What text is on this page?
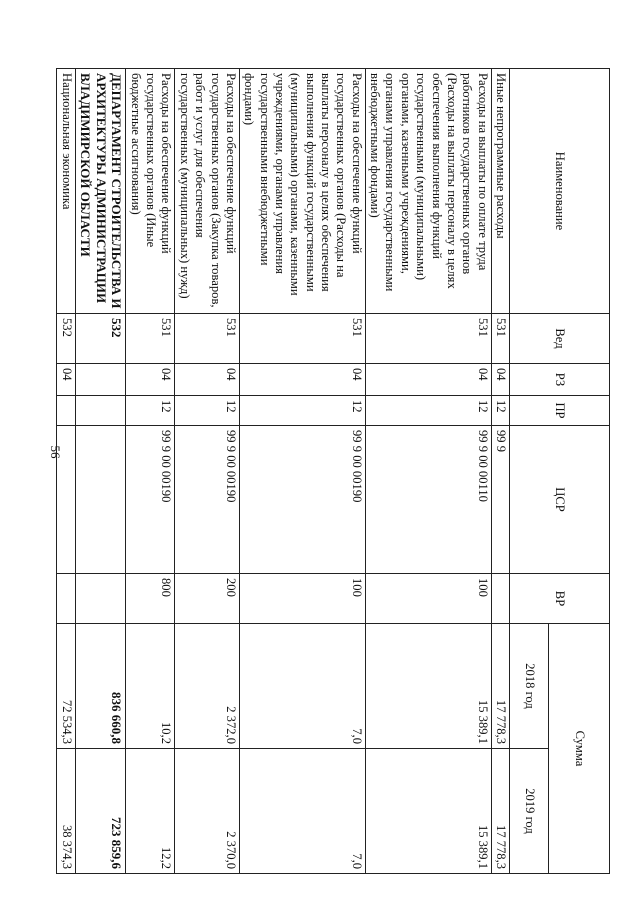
56
Наименование	Вед	РЗ	ПР	ЦСР	ВР	Сумма	
						2018 год	2019 год
Иные непрограммные расходы	531	04	12	99 9		17 778,3	17 778,3
Расходы на выплаты по оплате труда работников государственных органов (Расходы на выплаты персоналу в целях обеспечения выполнения функций государственными (муниципальными) органами, казенными учреждениями, органами управления государственными внебюджетными фондами)	531	04	12	99 9 00 00110	100	15 389,1	15 389,1
Расходы на обеспечение функций государственных органов (Расходы на выплаты персоналу в целях обеспечения выполнения функций государственными (муниципальными) органами, казенными учреждениями, органами управления государственными внебюджетными фондами)	531	04	12	99 9 00 00190	100	7,0	7,0
Расходы на обеспечение функций государственных органов (Закупка товаров, работ и услуг для обеспечения государственных (муниципальных) нужд)	531	04	12	99 9 00 00190	200	2 372,0	2 370,0
Расходы на обеспечение функций государственных органов (Иные бюджетные ассигнования)	531	04	12	99 9 00 00190	800	10,2	12,2
ДЕПАРТАМЕНТ СТРОИТЕЛЬСТВА И АРХИТЕКТУРЫ АДМИНИСТРАЦИИ ВЛАДИМИРСКОЙ ОБЛАСТИ	532					836 660,8	723 859,6
Национальная экономика	532	04				72 534,3	38 374,3
